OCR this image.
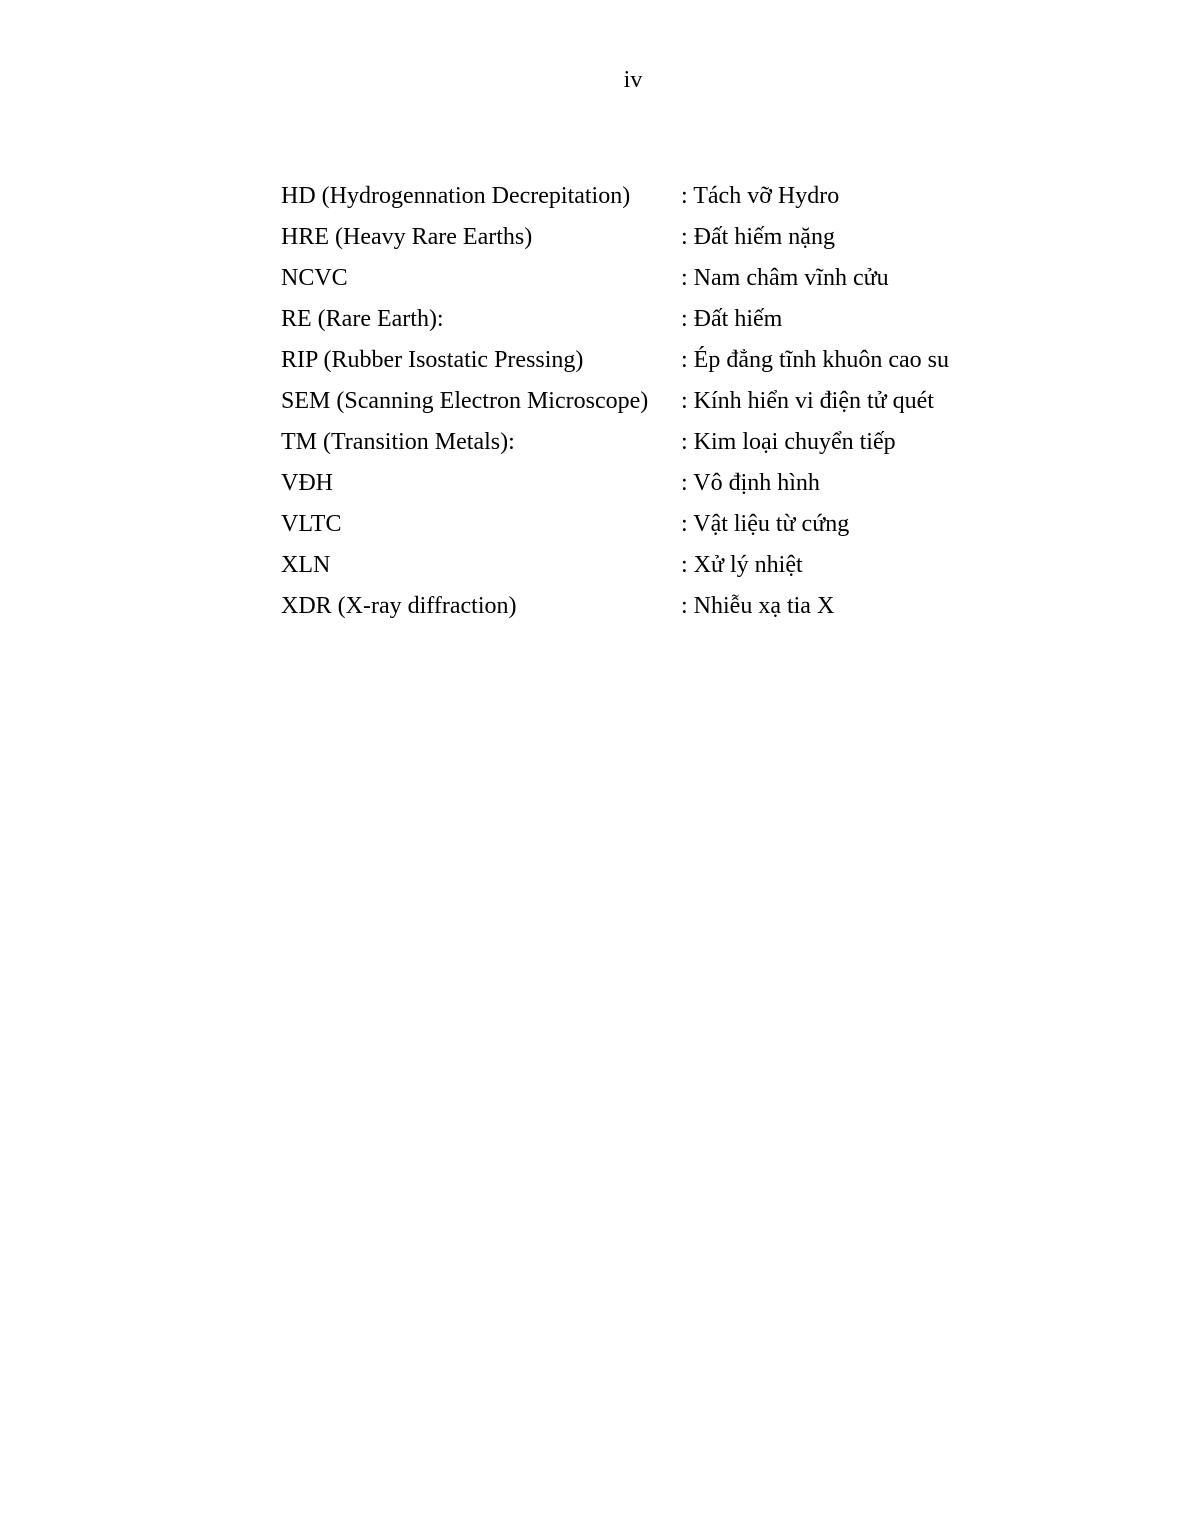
iv
HD (Hydrogennation Decrepitation)	: Tách vỡ Hydro
HRE (Heavy Rare Earths)	: Đất hiếm nặng
NCVC	: Nam châm vĩnh cửu
RE (Rare Earth):	: Đất hiếm
RIP (Rubber Isostatic Pressing)	: Ép đẳng tĩnh khuôn cao su
SEM (Scanning Electron Microscope)	: Kính hiển vi điện tử quét
TM (Transition Metals):	: Kim loại chuyển tiếp
VĐH	: Vô định hình
VLTC	: Vật liệu từ cứng
XLN	: Xử lý nhiệt
XDR (X-ray diffraction)	: Nhiễu xạ tia X
